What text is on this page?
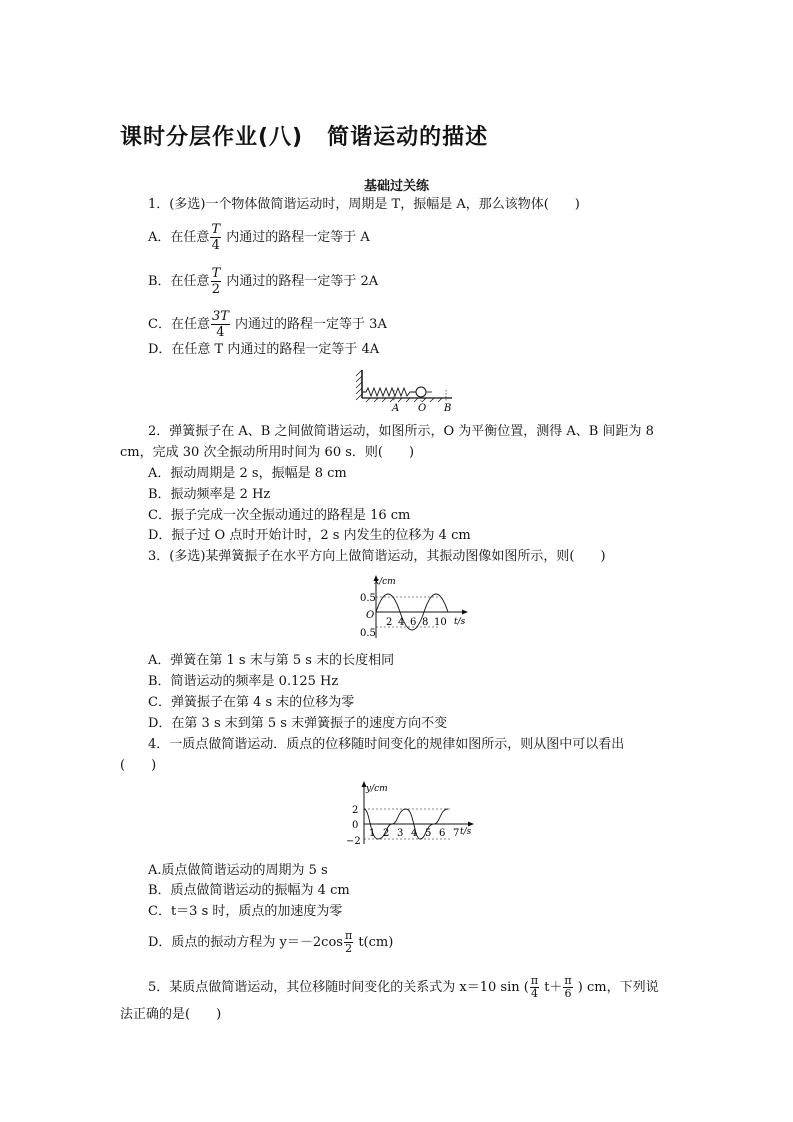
课时分层作业(八) 简谐运动的描述
基础过关练
1．(多选)一个物体做简谐运动时，周期是 T，振幅是 A，那么该物体(　　)
A．在任意 $\frac{T}{4}$ 内通过的路程一定等于 A
B．在任意 $\frac{T}{2}$ 内通过的路程一定等于 2A
C．在任意 $\frac{3T}{4}$ 内通过的路程一定等于 3A
D．在任意 T 内通过的路程一定等于 4A
A O B
2．弹簧振子在 A、B 之间做简谐运动，如图所示，O 为平衡位置，测得 A、B 间距为 8
cm，完成 30 次全振动所用时间为 60 s．则(　　)
A．振动周期是 2 s，振幅是 8 cm
B．振动频率是 2 Hz
C．振子完成一次全振动通过的路程是 16 cm
D．振子过 O 点时开始计时，2 s 内发生的位移为 4 cm
3．(多选)某弹簧振子在水平方向上做简谐运动，其振动图像如图所示，则(　　)
x/cm
t/s
0.5
0.5
O
2 4 6 8 10
A．弹簧在第 1 s 末与第 5 s 末的长度相同
B．简谐运动的频率是 0.125 Hz
C．弹簧振子在第 4 s 末的位移为零
D．在第 3 s 末到第 5 s 末弹簧振子的速度方向不变
4．一质点做简谐运动．质点的位移随时间变化的规律如图所示，则从图中可以看出
(　　)
y/cm
t/s
2
0
−2
1 2 3 4 5 6 7
A.质点做简谐运动的周期为 5 s
B．质点做简谐运动的振幅为 4 cm
C．t＝3 s 时，质点的加速度为零
D．质点的振动方程为 $y=-2\cos \frac{\pi}{2} t(cm)$
5．某质点做简谐运动，其位移随时间变化的关系式为 x＝10 sin ( $\frac{\pi}{4} t+ \frac{\pi}{6}$ ) cm，下列说
法正确的是(　　)
